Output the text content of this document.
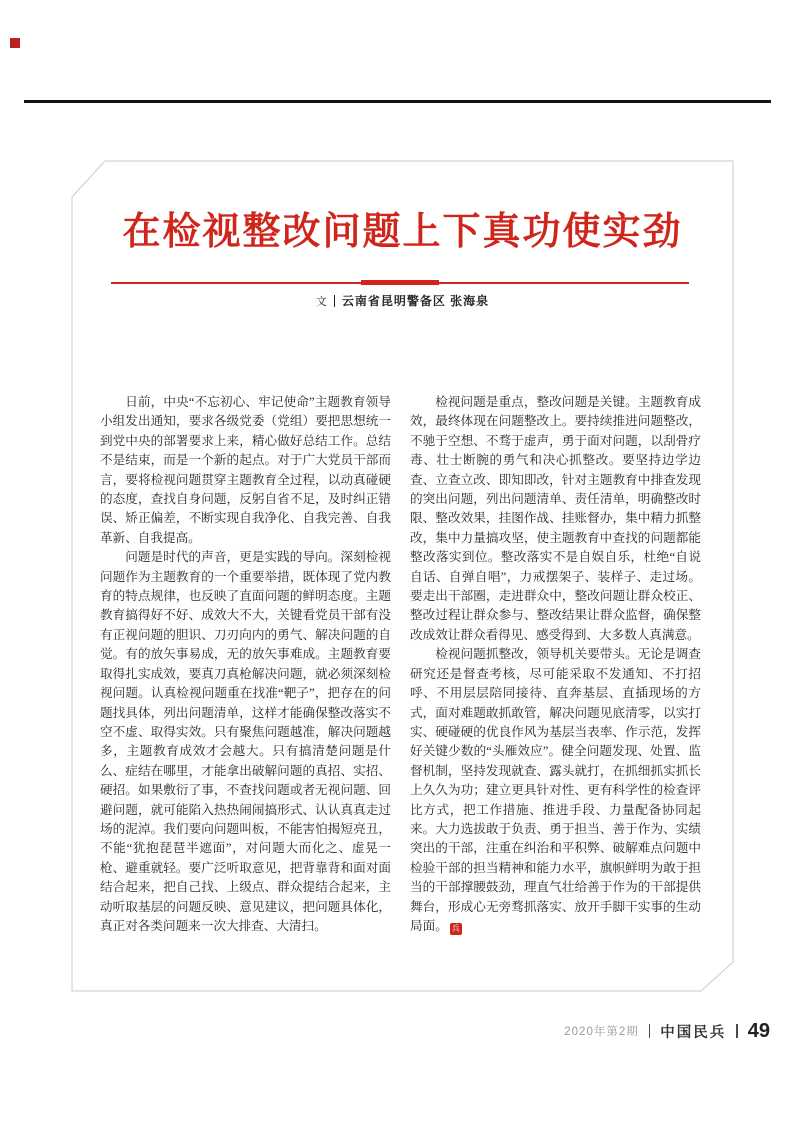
在检视整改问题上下真功使实劲
文 云南省昆明警备区 张海泉

日前，中央“不忘初心、牢记使命”主题教育领导小组发出通知，要求各级党委（党组）要把思想统一到党中央的部署要求上来，精心做好总结工作。总结不是结束，而是一个新的起点。对于广大党员干部而言，要将检视问题贯穿主题教育全过程，以动真碰硬的态度，查找自身问题，反躬自省不足，及时纠正错误、矫正偏差，不断实现自我净化、自我完善、自我革新、自我提高。

问题是时代的声音，更是实践的导向。深刻检视问题作为主题教育的一个重要举措，既体现了党内教育的特点规律，也反映了直面问题的鲜明态度。主题教育搞得好不好、成效大不大，关键看党员干部有没有正视问题的胆识、刀刃向内的勇气、解决问题的自觉。有的放矢事易成，无的放矢事难成。主题教育要取得扎实成效，要真刀真枪解决问题，就必须深刻检视问题。认真检视问题重在找准“靶子”，把存在的问题找具体，列出问题清单，这样才能确保整改落实不空不虚、取得实效。只有聚焦问题越准，解决问题越多，主题教育成效才会越大。只有搞清楚问题是什么、症结在哪里，才能拿出破解问题的真招、实招、硬招。如果敷衍了事，不查找问题或者无视问题、回避问题，就可能陷入热热闹闹搞形式、认认真真走过场的泥淖。我们要向问题叫板，不能害怕揭短亮丑，不能“犹抱琵琶半遮面”，对问题大而化之、虚晃一枪、避重就轻。要广泛听取意见，把背靠背和面对面结合起来，把自己找、上级点、群众提结合起来，主动听取基层的问题反映、意见建议，把问题具体化，真正对各类问题来一次大排查、大清扫。

检视问题是重点，整改问题是关键。主题教育成效，最终体现在问题整改上。要持续推进问题整改，不驰于空想、不骛于虚声，勇于面对问题，以刮骨疗毒、壮士断腕的勇气和决心抓整改。要坚持边学边查、立查立改、即知即改，针对主题教育中排查发现的突出问题，列出问题清单、责任清单，明确整改时限、整改效果，挂图作战、挂账督办，集中精力抓整改，集中力量搞攻坚，使主题教育中查找的问题都能整改落实到位。整改落实不是自娱自乐，杜绝“自说自话、自弹自唱”，力戒摆架子、装样子、走过场。要走出干部圈，走进群众中，整改问题让群众校正、整改过程让群众参与、整改结果让群众监督，确保整改成效让群众看得见、感受得到、大多数人真满意。

检视问题抓整改，领导机关要带头。无论是调查研究还是督查考核，尽可能采取不发通知、不打招呼、不用层层陪同接待、直奔基层、直插现场的方式，面对难题敢抓敢管，解决问题见底清零，以实打实、硬碰硬的优良作风为基层当表率、作示范，发挥好关键少数的“头雁效应”。健全问题发现、处置、监督机制，坚持发现就查、露头就打，在抓细抓实抓长上久久为功；建立更具针对性、更有科学性的检查评比方式，把工作措施、推进手段、力量配备协同起来。大力选拔敢于负责、勇于担当、善于作为、实绩突出的干部，注重在纠治和平积弊、破解难点问题中检验干部的担当精神和能力水平，旗帜鲜明为敢于担当的干部撑腰鼓劲，理直气壮给善于作为的干部提供舞台，形成心无旁骛抓落实、放开手脚干实事的生动局面。 兵

2020年第2期 中国民兵 49
